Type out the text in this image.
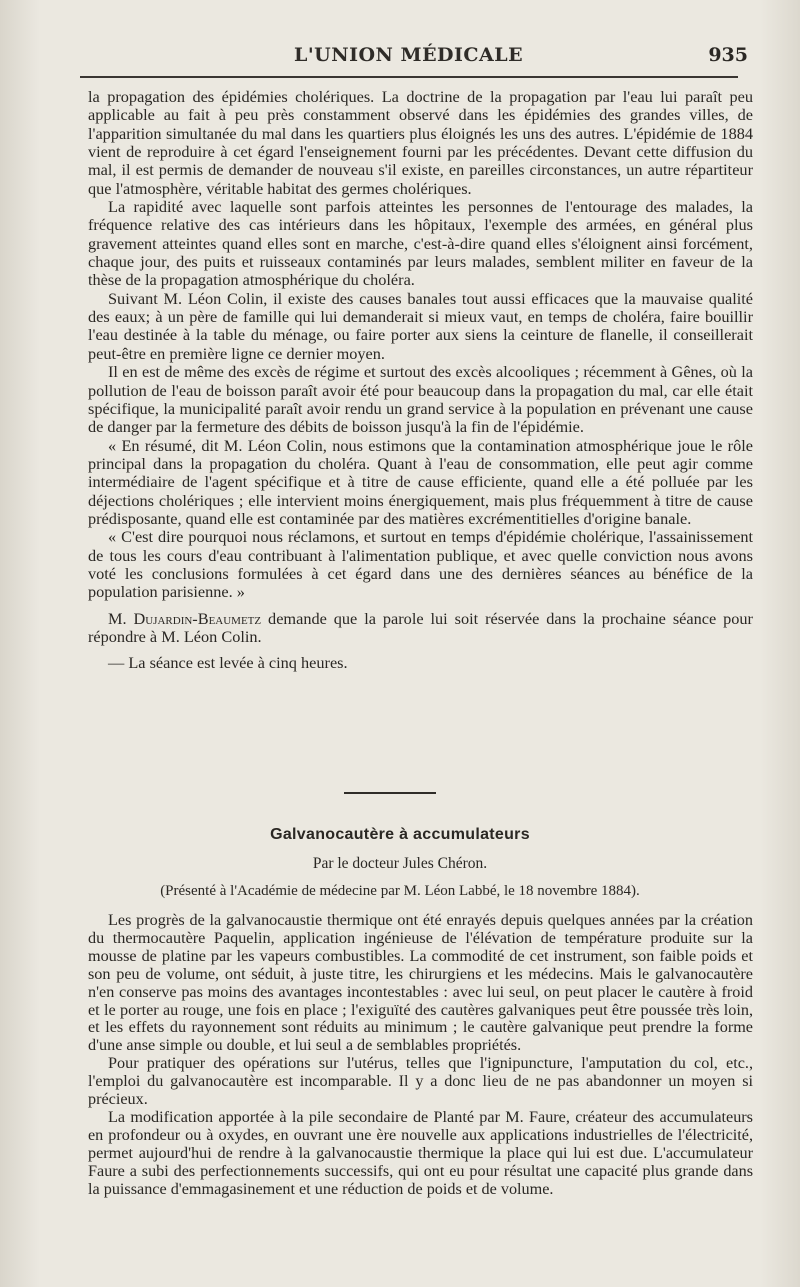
L'UNION MÉDICALE	935

la propagation des épidémies cholériques. La doctrine de la propagation par l'eau lui paraît peu applicable au fait à peu près constamment observé dans les épidémies des grandes villes, de l'apparition simultanée du mal dans les quartiers plus éloignés les uns des autres. L'épidémie de 1884 vient de reproduire à cet égard l'enseignement fourni par les précédentes. Devant cette diffusion du mal, il est permis de demander de nouveau s'il existe, en pareilles circonstances, un autre répartiteur que l'atmosphère, véritable habitat des germes cholériques.

La rapidité avec laquelle sont parfois atteintes les personnes de l'entourage des malades, la fréquence relative des cas intérieurs dans les hôpitaux, l'exemple des armées, en général plus gravement atteintes quand elles sont en marche, c'est-à-dire quand elles s'éloignent ainsi forcément, chaque jour, des puits et ruisseaux contaminés par leurs malades, semblent militer en faveur de la thèse de la propagation atmosphérique du choléra.

Suivant M. Léon Colin, il existe des causes banales tout aussi efficaces que la mauvaise qualité des eaux; à un père de famille qui lui demanderait si mieux vaut, en temps de choléra, faire bouillir l'eau destinée à la table du ménage, ou faire porter aux siens la ceinture de flanelle, il conseillerait peut-être en première ligne ce dernier moyen.

Il en est de même des excès de régime et surtout des excès alcooliques ; récemment à Gênes, où la pollution de l'eau de boisson paraît avoir été pour beaucoup dans la propagation du mal, car elle était spécifique, la municipalité paraît avoir rendu un grand service à la population en prévenant une cause de danger par la fermeture des débits de boisson jusqu'à la fin de l'épidémie.

« En résumé, dit M. Léon Colin, nous estimons que la contamination atmosphérique joue le rôle principal dans la propagation du choléra. Quant à l'eau de consommation, elle peut agir comme intermédiaire de l'agent spécifique et à titre de cause efficiente, quand elle a été polluée par les déjections cholériques ; elle intervient moins énergiquement, mais plus fréquemment à titre de cause prédisposante, quand elle est contaminée par des matières excrémentitielles d'origine banale.

« C'est dire pourquoi nous réclamons, et surtout en temps d'épidémie cholérique, l'assainissement de tous les cours d'eau contribuant à l'alimentation publique, et avec quelle conviction nous avons voté les conclusions formulées à cet égard dans une des dernières séances au bénéfice de la population parisienne. »

M. Dujardin-Beaumetz demande que la parole lui soit réservée dans la prochaine séance pour répondre à M. Léon Colin.

— La séance est levée à cinq heures.

Galvanocautère à accumulateurs
Par le docteur Jules Chéron.
(Présenté à l'Académie de médecine par M. Léon Labbé, le 18 novembre 1884).

Les progrès de la galvanocaustie thermique ont été enrayés depuis quelques années par la création du thermocautère Paquelin, application ingénieuse de l'élévation de température produite sur la mousse de platine par les vapeurs combustibles. La commodité de cet instrument, son faible poids et son peu de volume, ont séduit, à juste titre, les chirurgiens et les médecins. Mais le galvanocautère n'en conserve pas moins des avantages incontestables : avec lui seul, on peut placer le cautère à froid et le porter au rouge, une fois en place ; l'exiguïté des cautères galvaniques peut être poussée très loin, et les effets du rayonnement sont réduits au minimum ; le cautère galvanique peut prendre la forme d'une anse simple ou double, et lui seul a de semblables propriétés.

Pour pratiquer des opérations sur l'utérus, telles que l'ignipuncture, l'amputation du col, etc., l'emploi du galvanocautère est incomparable. Il y a donc lieu de ne pas abandonner un moyen si précieux.

La modification apportée à la pile secondaire de Planté par M. Faure, créateur des accumulateurs en profondeur ou à oxydes, en ouvrant une ère nouvelle aux applications industrielles de l'électricité, permet aujourd'hui de rendre à la galvanocaustie thermique la place qui lui est due. L'accumulateur Faure a subi des perfectionnements successifs, qui ont eu pour résultat une capacité plus grande dans la puissance d'emmagasinement et une réduction de poids et de volume.
